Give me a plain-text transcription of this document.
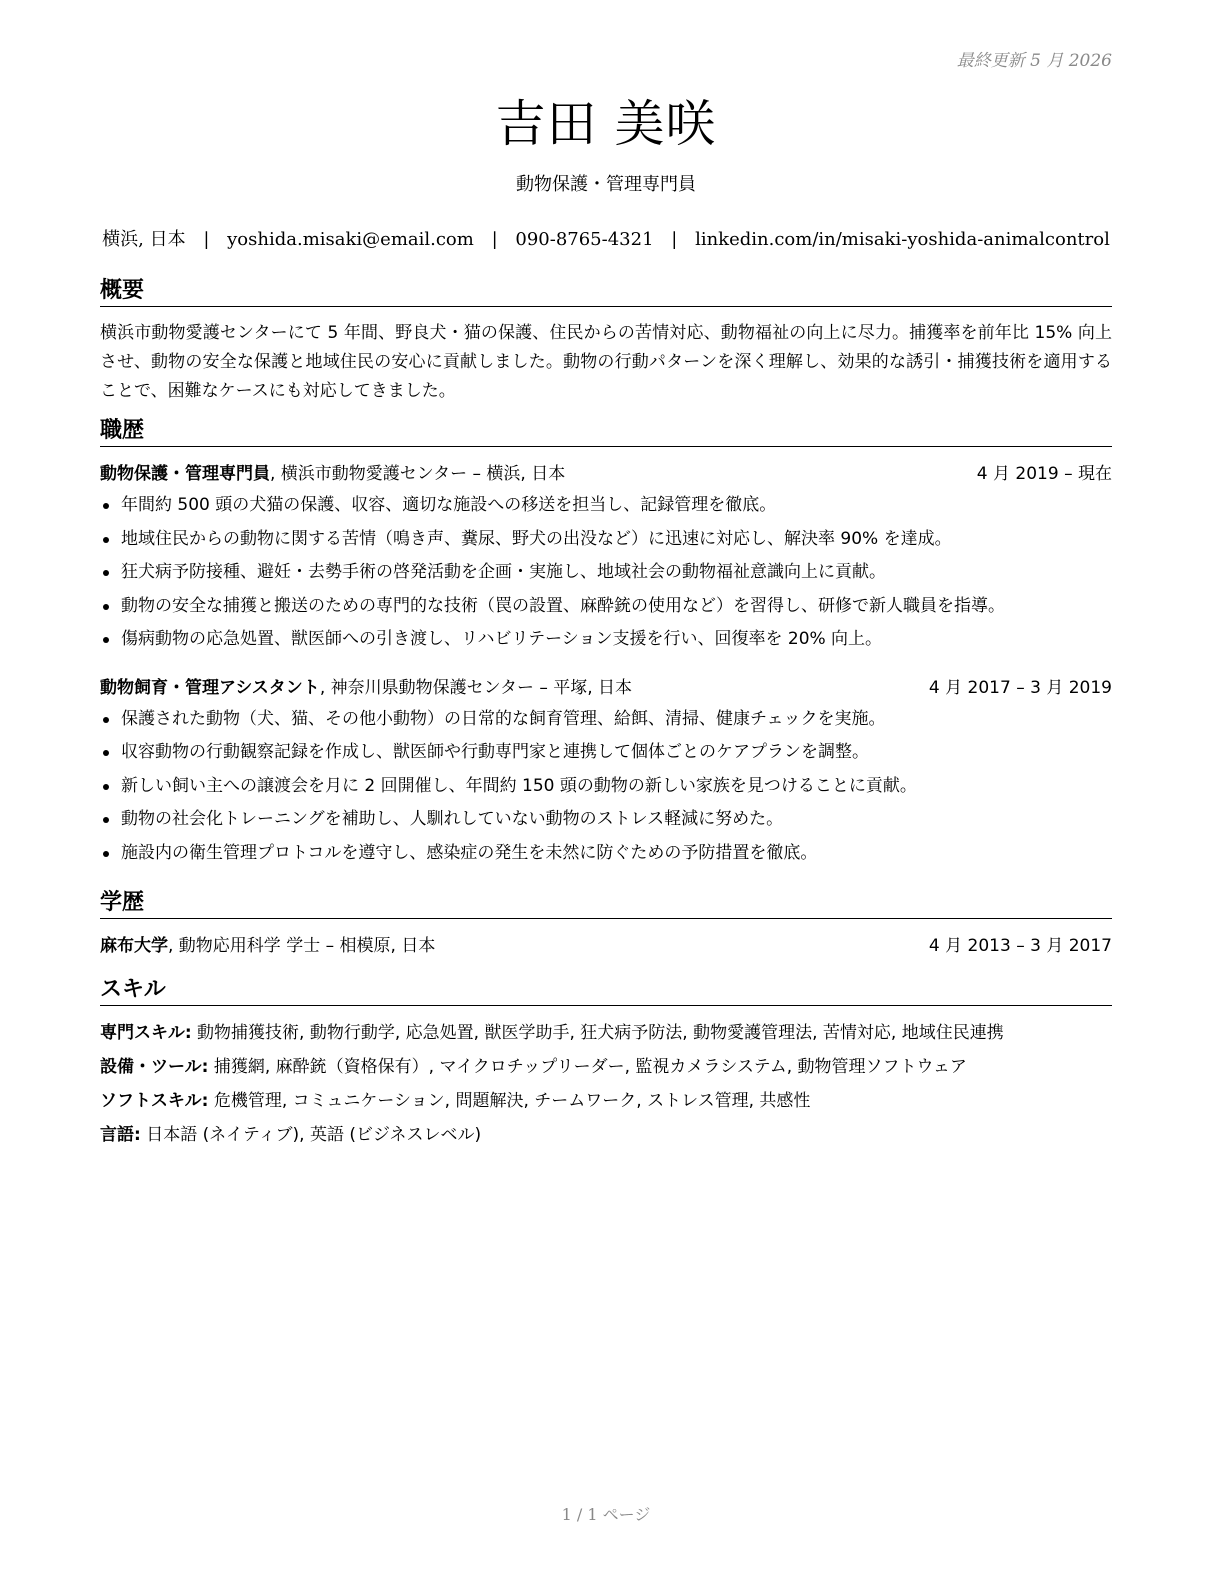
最終更新 5 月 2026
吉田 美咲
動物保護・管理専門員
横浜, 日本 | yoshida.misaki@email.com | 090-8765-4321 | linkedin.com/in/misaki-yoshida-animalcontrol
概要
横浜市動物愛護センターにて 5 年間、野良犬・猫の保護、住民からの苦情対応、動物福祉の向上に尽力。捕獲率を前年比 15% 向上させ、動物の安全な保護と地域住民の安心に貢献しました。動物の行動パターンを深く理解し、効果的な誘引・捕獲技術を適用することで、困難なケースにも対応してきました。
職歴
動物保護・管理専門員, 横浜市動物愛護センター – 横浜, 日本	4 月 2019 – 現在
年間約 500 頭の犬猫の保護、収容、適切な施設への移送を担当し、記録管理を徹底。
地域住民からの動物に関する苦情（鳴き声、糞尿、野犬の出没など）に迅速に対応し、解決率 90% を達成。
狂犬病予防接種、避妊・去勢手術の啓発活動を企画・実施し、地域社会の動物福祉意識向上に貢献。
動物の安全な捕獲と搬送のための専門的な技術（罠の設置、麻酔銃の使用など）を習得し、研修で新人職員を指導。
傷病動物の応急処置、獣医師への引き渡し、リハビリテーション支援を行い、回復率を 20% 向上。
動物飼育・管理アシスタント, 神奈川県動物保護センター – 平塚, 日本	4 月 2017 – 3 月 2019
保護された動物（犬、猫、その他小動物）の日常的な飼育管理、給餌、清掃、健康チェックを実施。
収容動物の行動観察記録を作成し、獣医師や行動専門家と連携して個体ごとのケアプランを調整。
新しい飼い主への譲渡会を月に 2 回開催し、年間約 150 頭の動物の新しい家族を見つけることに貢献。
動物の社会化トレーニングを補助し、人馴れしていない動物のストレス軽減に努めた。
施設内の衛生管理プロトコルを遵守し、感染症の発生を未然に防ぐための予防措置を徹底。
学歴
麻布大学, 動物応用科学 学士 – 相模原, 日本	4 月 2013 – 3 月 2017
スキル
専門スキル: 動物捕獲技術, 動物行動学, 応急処置, 獣医学助手, 狂犬病予防法, 動物愛護管理法, 苦情対応, 地域住民連携
設備・ツール: 捕獲網, 麻酔銃（資格保有）, マイクロチップリーダー, 監視カメラシステム, 動物管理ソフトウェア
ソフトスキル: 危機管理, コミュニケーション, 問題解決, チームワーク, ストレス管理, 共感性
言語: 日本語 (ネイティブ), 英語 (ビジネスレベル)
1 / 1 ページ
